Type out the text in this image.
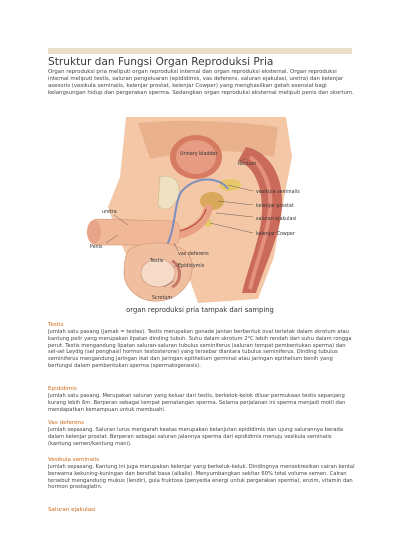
Struktur dan Fungsi Organ Reproduksi Pria
Organ reproduksi pria meliputi organ reproduksi internal dan organ reproduksi eksternal. Organ reproduksi internal meliputi testis, saluran pengeluaran (epididimis, vas deferens, saluran ejakulasi, uretra) dan kelenjar asesoris (vesikula seminalis, kelenjar prostat, kelenjar Cowper) yang menghasilkan getah esensial bagi kelangsungan hidup dan pergerakan sperma. Sedangkan organ reproduksi eksternal meliputi penis dan skortum.
Urinary bladder
Rectum
vesikula seminalis
kelenjar prostat
saluran ejakulasi
kelenjar Cowper
uretra
Penis
vas deferens
Epididymis
Testis
Scrotum
organ reproduksi pria tampak dari samping
Testis
Jumlah satu pasang (jamak = testes). Testis merupakan gonade jantan berbentuk oval terletak dalam skrotum atau kantung pelir yang merupakan lipatan dinding tubuh. Suhu dalam skrotum 2°C lebih rendah dari suhu dalam rongga perut. Testis mengandung lipatan saluran-saluran tubulus seminiferus (saluran tempat pembentukan sperma) dan sel-sel Leydig (sel penghasil hormon testosterone) yang tersebar diantara tubulus seminiferus. Dinding tubulus seminiferus mengandung jaringan ikat dan jaringan epithelium germinal atau jaringan epithelium benih yang berfungsi dalam pembentukan sperma (spermatogenesis).
Epididimis
Jumlah satu pasang. Merupakan saluran yang keluar dari testis, berkelok-kelok diluar permukaan testis sepanjang kurang lebih 6m. Berperan sebagai tempat pematangan sperma. Selama perjalanan ini sperma menjadi motil dan mendapatkan kemampuan untuk membuahi.
Vas deferens
Jumlah sepasang. Saluran lurus mengarah keatas merupakan kelanjutan epididimis dan ujung salurannya berada dalam kelenjar prostat. Berperan sebagai saluran jalannya sperma dari epididimis menuju vesikula seminalis (kantung semen/kantung mani).
Vesikula seminalis
Jumlah sepasang. Kantung ini juga merupakan kelenjar yang berkeluk-keluk. Dindingnya mensekresikan cairan kental berwarna kekuning-kuningan dan bersifat basa (alkalis). Menyumbangkan sekitar 60% total volume semen. Cairan tersebut mengandung mukus (lendir), gula fruktosa (penyedia energi untuk pergerakan sperma), enzim, vitamin dan hormon prostaglatin.
Saluran ejakulasi
